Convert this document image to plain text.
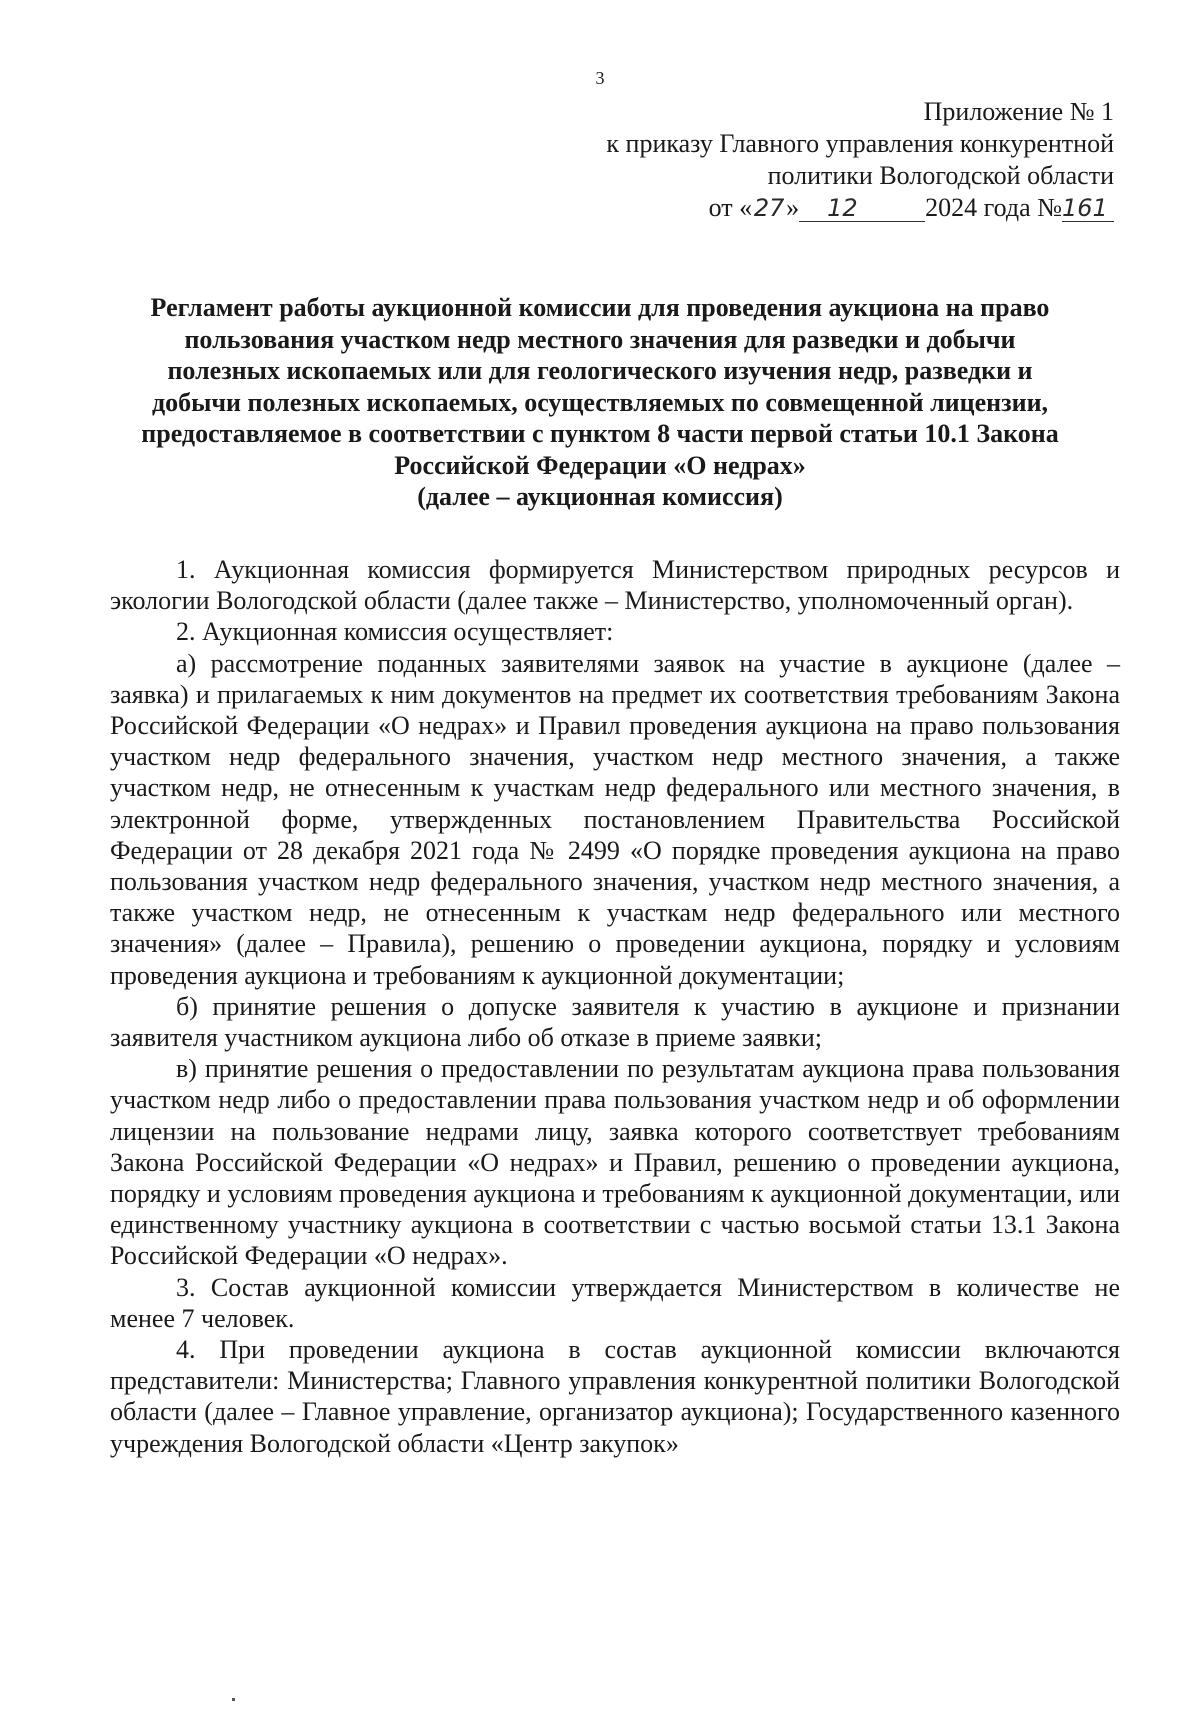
3
Приложение № 1
к приказу Главного управления конкурентной
политики Вологодской области
от «27» 12	2024 года №161
Регламент работы аукционной комиссии для проведения аукциона на право
пользования участком недр местного значения для разведки и добычи
полезных ископаемых или для геологического изучения недр, разведки и
добычи полезных ископаемых, осуществляемых по совмещенной лицензии,
предоставляемое в соответствии с пунктом 8 части первой статьи 10.1 Закона
Российской Федерации «О недрах»
(далее – аукционная комиссия)

1. Аукционная комиссия формируется Министерством природных ресурсов и экологии Вологодской области (далее также – Министерство, уполномоченный орган).

2. Аукционная комиссия осуществляет:

а) рассмотрение поданных заявителями заявок на участие в аукционе (далее – заявка) и прилагаемых к ним документов на предмет их соответствия требованиям Закона Российской Федерации «О недрах» и Правил проведения аукциона на право пользования участком недр федерального значения, участком недр местного значения, а также участком недр, не отнесенным к участкам недр федерального или местного значения, в электронной форме, утвержденных постановлением Правительства Российской Федерации от 28 декабря 2021 года № 2499 «О порядке проведения аукциона на право пользования участком недр федерального значения, участком недр местного значения, а также участком недр, не отнесенным к участкам недр федерального или местного значения» (далее – Правила), решению о проведении аукциона, порядку и условиям проведения аукциона и требованиям к аукционной документации;

б) принятие решения о допуске заявителя к участию в аукционе и признании заявителя участником аукциона либо об отказе в приеме заявки;

в) принятие решения о предоставлении по результатам аукциона права пользования участком недр либо о предоставлении права пользования участком недр и об оформлении лицензии на пользование недрами лицу, заявка которого соответствует требованиям Закона Российской Федерации «О недрах» и Правил, решению о проведении аукциона, порядку и условиям проведения аукциона и требованиям к аукционной документации, или единственному участнику аукциона в соответствии с частью восьмой статьи 13.1 Закона Российской Федерации «О недрах».

3. Состав аукционной комиссии утверждается Министерством в количестве не менее 7 человек.

4. При проведении аукциона в состав аукционной комиссии включаются представители: Министерства; Главного управления конкурентной политики Вологодской области (далее – Главное управление, организатор аукциона); Государственного казенного учреждения Вологодской области «Центр закупок»
